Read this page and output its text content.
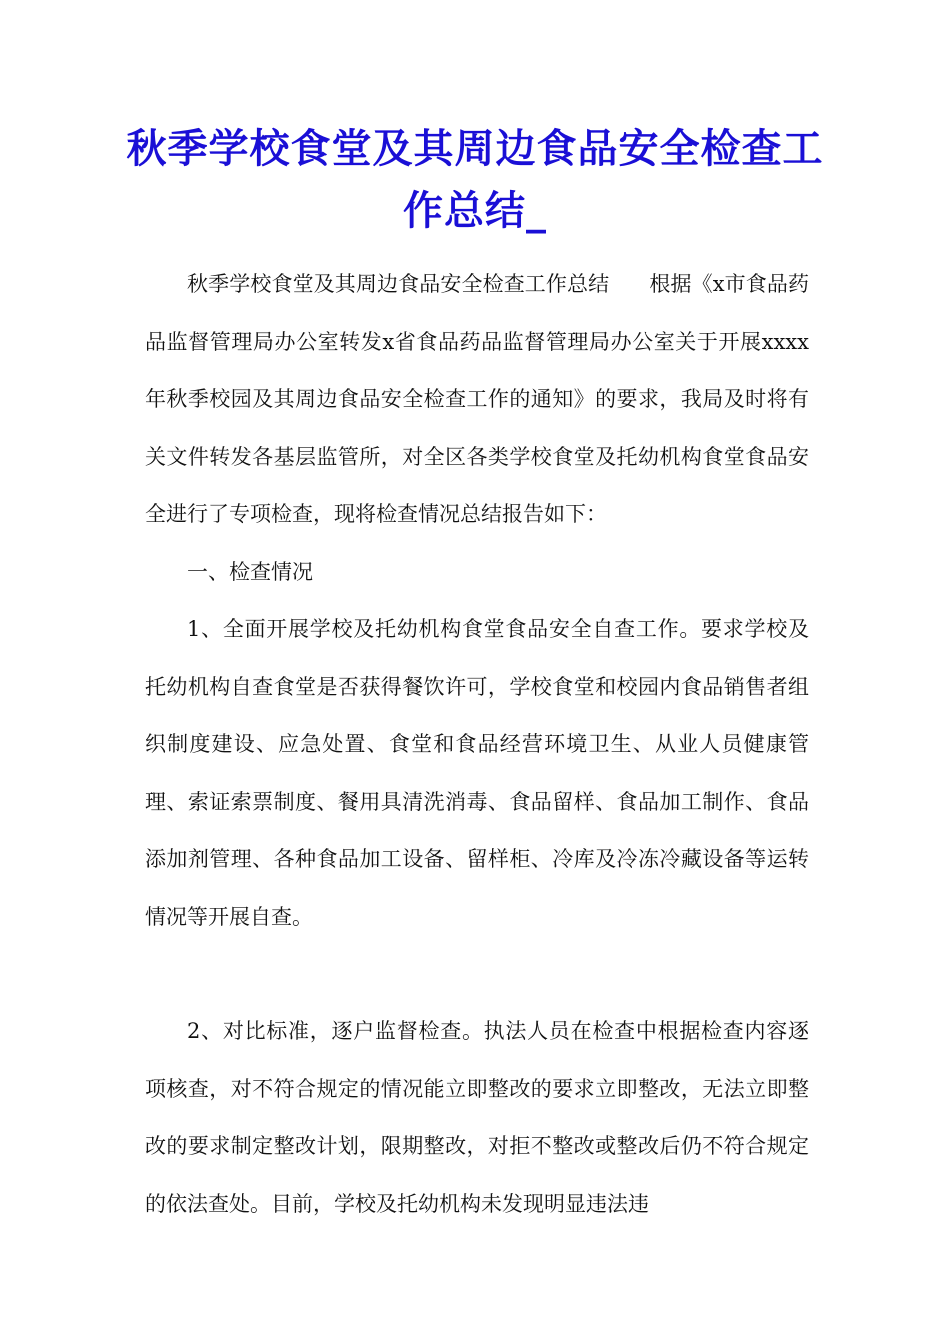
秋季学校食堂及其周边食品安全检查工作总结_

秋季学校食堂及其周边食品安全检查工作总结 根据《x市食品药品监督管理局办公室转发x省食品药品监督管理局办公室关于开展xxxx年秋季校园及其周边食品安全检查工作的通知》的要求，我局及时将有关文件转发各基层监管所，对全区各类学校食堂及托幼机构食堂食品安全进行了专项检查，现将检查情况总结报告如下：

一、检查情况

1、全面开展学校及托幼机构食堂食品安全自查工作。要求学校及托幼机构自查食堂是否获得餐饮许可，学校食堂和校园内食品销售者组织制度建设、应急处置、食堂和食品经营环境卫生、从业人员健康管理、索证索票制度、餐用具清洗消毒、食品留样、食品加工制作、食品添加剂管理、各种食品加工设备、留样柜、冷库及冷冻冷藏设备等运转情况等开展自查。

2、对比标准，逐户监督检查。执法人员在检查中根据检查内容逐项核查，对不符合规定的情况能立即整改的要求立即整改，无法立即整改的要求制定整改计划，限期整改，对拒不整改或整改后仍不符合规定的依法查处。目前，学校及托幼机构未发现明显违法违
